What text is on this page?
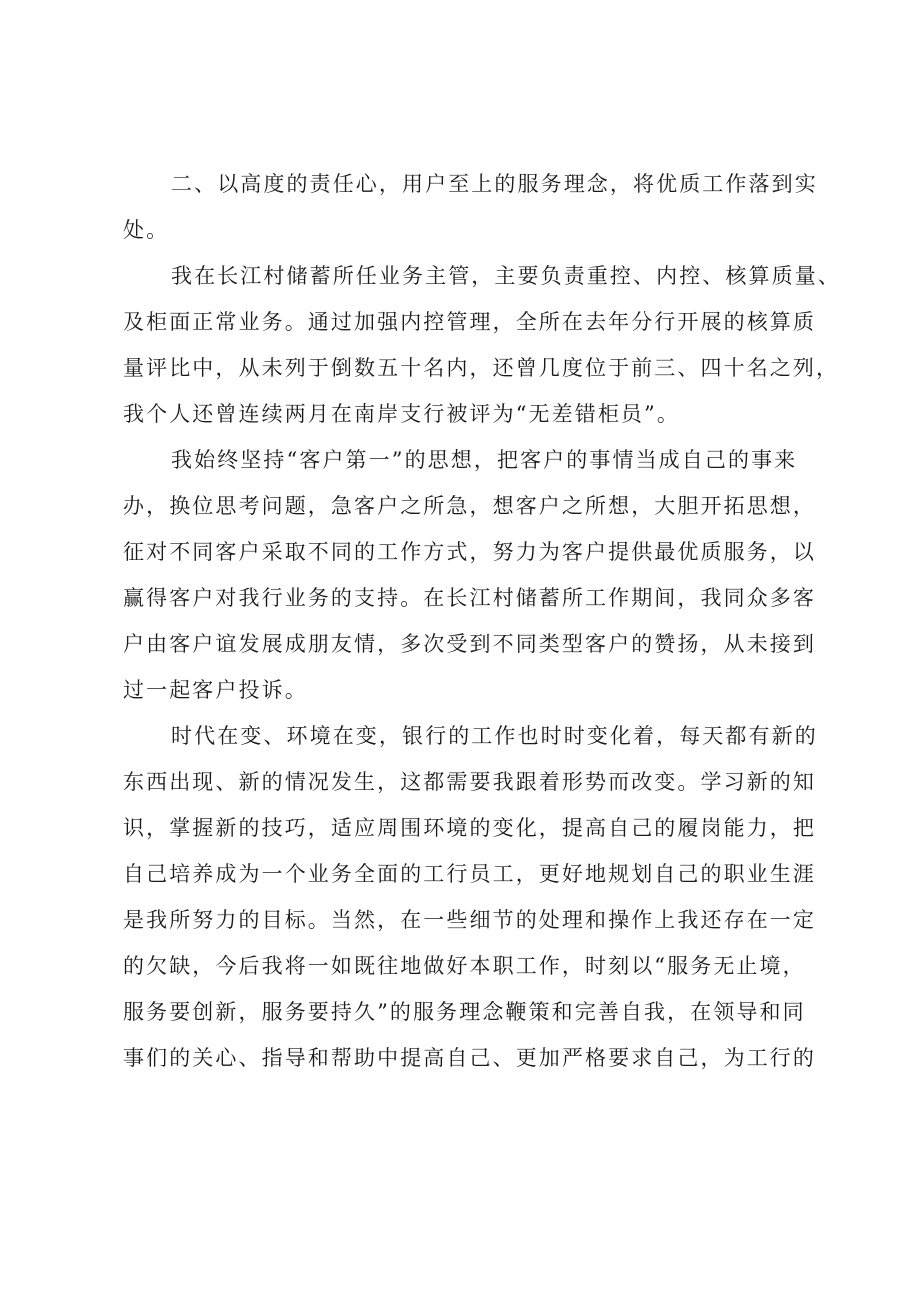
二、以高度的责任心，用户至上的服务理念，将优质工作落到实
处。
我在长江村储蓄所任业务主管，主要负责重控、内控、核算质量、
及柜面正常业务。通过加强内控管理，全所在去年分行开展的核算质
量评比中，从未列于倒数五十名内，还曾几度位于前三、四十名之列，
我个人还曾连续两月在南岸支行被评为“无差错柜员”。
我始终坚持“客户第一”的思想，把客户的事情当成自己的事来
办，换位思考问题，急客户之所急，想客户之所想，大胆开拓思想，
征对不同客户采取不同的工作方式，努力为客户提供最优质服务，以
赢得客户对我行业务的支持。在长江村储蓄所工作期间，我同众多客
户由客户谊发展成朋友情，多次受到不同类型客户的赞扬，从未接到
过一起客户投诉。
时代在变、环境在变，银行的工作也时时变化着，每天都有新的
东西出现、新的情况发生，这都需要我跟着形势而改变。学习新的知
识，掌握新的技巧，适应周围环境的变化，提高自己的履岗能力，把
自己培养成为一个业务全面的工行员工，更好地规划自己的职业生涯
是我所努力的目标。当然，在一些细节的处理和操作上我还存在一定
的欠缺，今后我将一如既往地做好本职工作，时刻以“服务无止境，
服务要创新，服务要持久”的服务理念鞭策和完善自我，在领导和同
事们的关心、指导和帮助中提高自己、更加严格要求自己，为工行的
